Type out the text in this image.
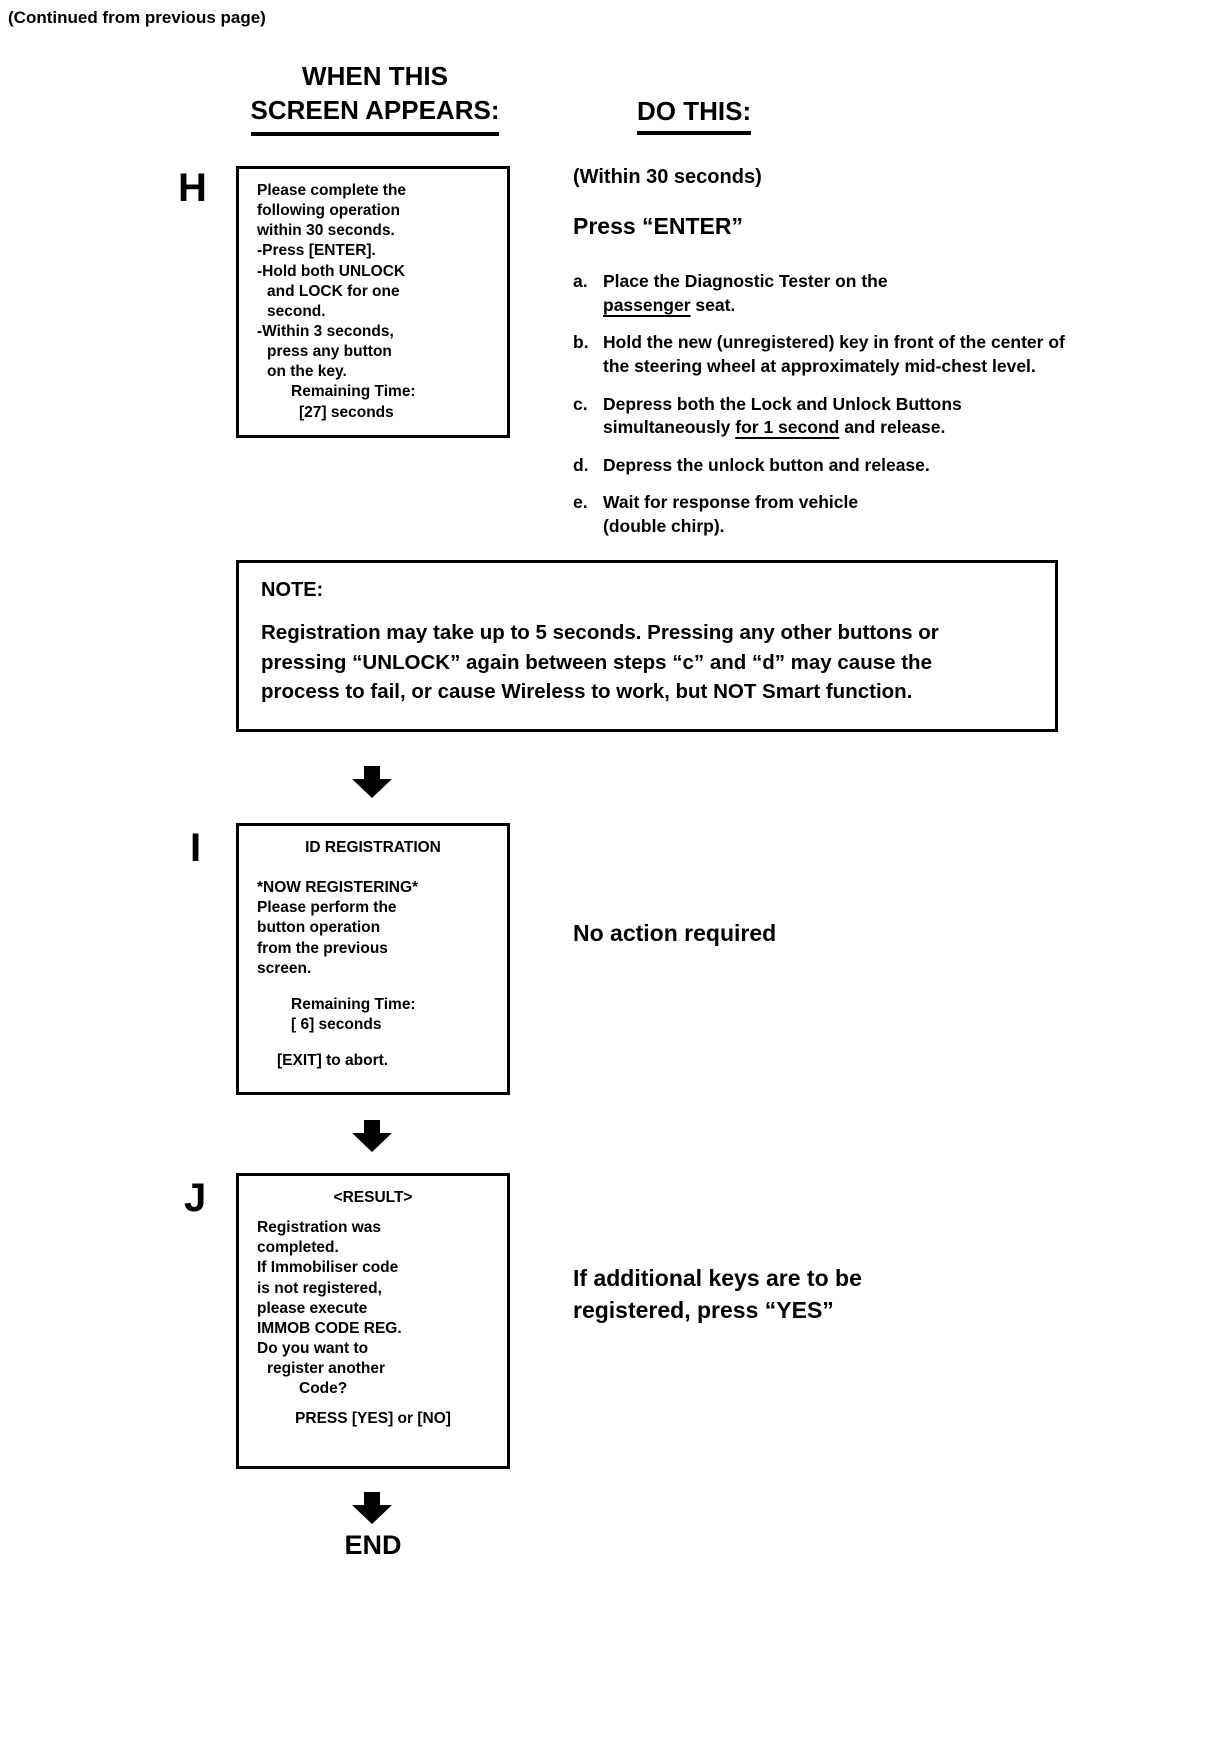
(Continued from previous page)
WHEN THIS
SCREEN APPEARS:	DO THIS:
H	Please complete the
following operation
within 30 seconds.
-Press [ENTER].
-Hold both UNLOCK
and LOCK for one
second.
-Within 3 seconds,
press any button
on the key.
Remaining Time:
[27] seconds
(Within 30 seconds)
Press “ENTER”
a. Place the Diagnostic Tester on the
passenger seat.
b. Hold the new (unregistered) key in front of the center of the steering wheel at approximately mid-chest level.
c. Depress both the Lock and Unlock Buttons simultaneously for 1 second and release.
d. Depress the unlock button and release.
e. Wait for response from vehicle
(double chirp).
NOTE:
Registration may take up to 5 seconds. Pressing any other buttons or pressing “UNLOCK” again between steps “c” and “d” may cause the process to fail, or cause Wireless to work, but NOT Smart function.
I	ID REGISTRATION
*NOW REGISTERING*
Please perform the
button operation
from the previous
screen.
Remaining Time:
[ 6] seconds
[EXIT] to abort.
No action required
J	<RESULT>
Registration was
completed.
If Immobiliser code
is not registered,
please execute
IMMOB CODE REG.
Do you want to
register another
Code?
PRESS [YES] or [NO]
If additional keys are to be
registered, press “YES”
END
